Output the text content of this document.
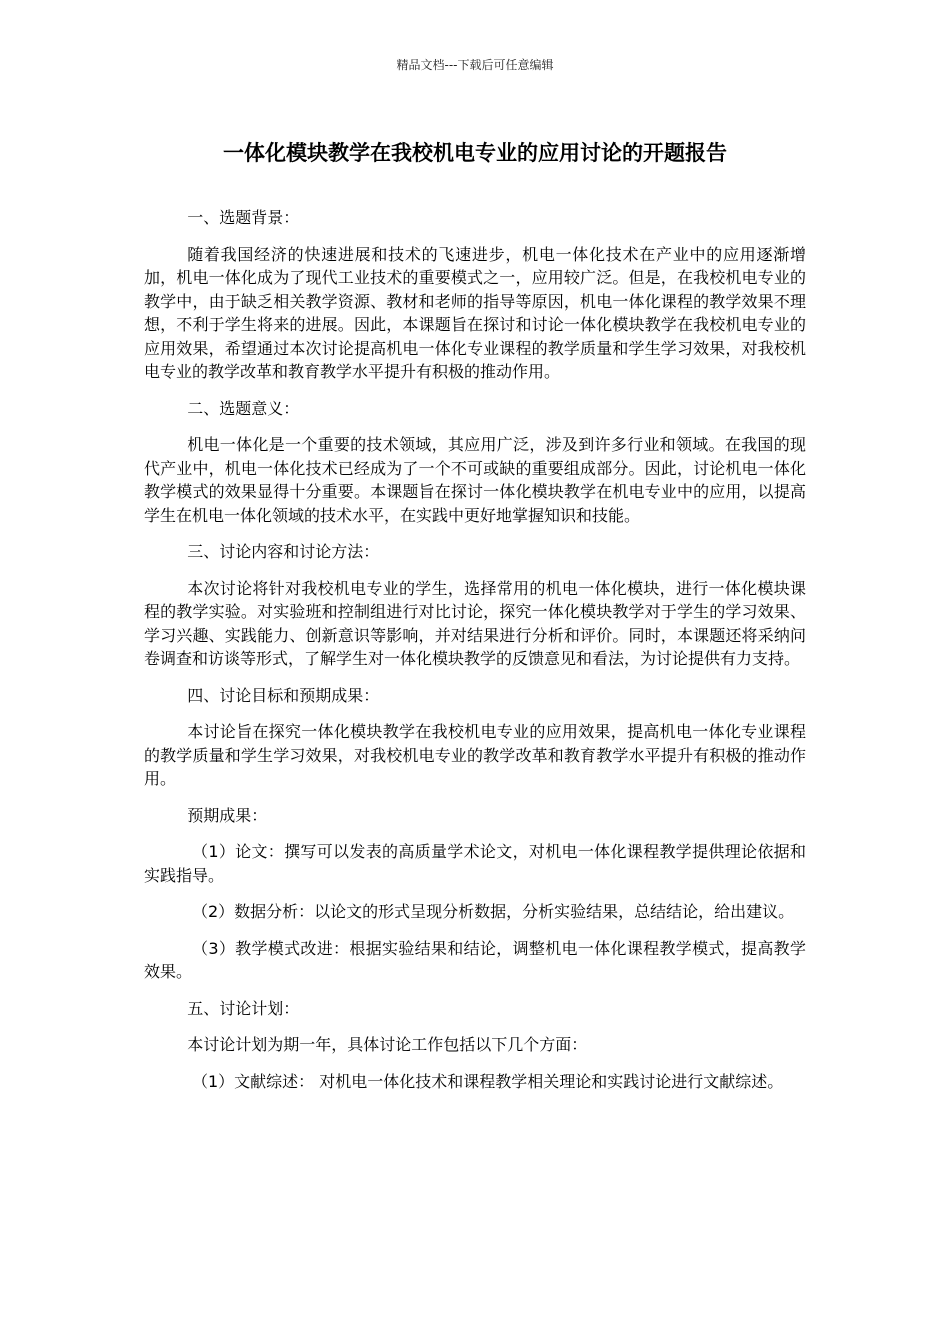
精品文档---下载后可任意编辑
一体化模块教学在我校机电专业的应用讨论的开题报告

一、选题背景：

随着我国经济的快速进展和技术的飞速进步，机电一体化技术在产业中的应用逐渐增加，机电一体化成为了现代工业技术的重要模式之一，应用较广泛。但是，在我校机电专业的教学中，由于缺乏相关教学资源、教材和老师的指导等原因，机电一体化课程的教学效果不理想，不利于学生将来的进展。因此，本课题旨在探讨和讨论一体化模块教学在我校机电专业的应用效果，希望通过本次讨论提高机电一体化专业课程的教学质量和学生学习效果，对我校机电专业的教学改革和教育教学水平提升有积极的推动作用。

二、选题意义：

机电一体化是一个重要的技术领域，其应用广泛，涉及到许多行业和领域。在我国的现代产业中，机电一体化技术已经成为了一个不可或缺的重要组成部分。因此，讨论机电一体化教学模式的效果显得十分重要。本课题旨在探讨一体化模块教学在机电专业中的应用，以提高学生在机电一体化领域的技术水平，在实践中更好地掌握知识和技能。

三、讨论内容和讨论方法：

本次讨论将针对我校机电专业的学生，选择常用的机电一体化模块，进行一体化模块课程的教学实验。对实验班和控制组进行对比讨论，探究一体化模块教学对于学生的学习效果、学习兴趣、实践能力、创新意识等影响，并对结果进行分析和评价。同时，本课题还将采纳问卷调查和访谈等形式，了解学生对一体化模块教学的反馈意见和看法，为讨论提供有力支持。

四、讨论目标和预期成果：

本讨论旨在探究一体化模块教学在我校机电专业的应用效果，提高机电一体化专业课程的教学质量和学生学习效果，对我校机电专业的教学改革和教育教学水平提升有积极的推动作用。

预期成果：

（1）论文：撰写可以发表的高质量学术论文，对机电一体化课程教学提供理论依据和实践指导。

（2）数据分析：以论文的形式呈现分析数据，分析实验结果，总结结论，给出建议。

（3）教学模式改进：根据实验结果和结论，调整机电一体化课程教学模式，提高教学效果。

五、讨论计划：

本讨论计划为期一年，具体讨论工作包括以下几个方面：

（1）文献综述： 对机电一体化技术和课程教学相关理论和实践讨论进行文献综述。
